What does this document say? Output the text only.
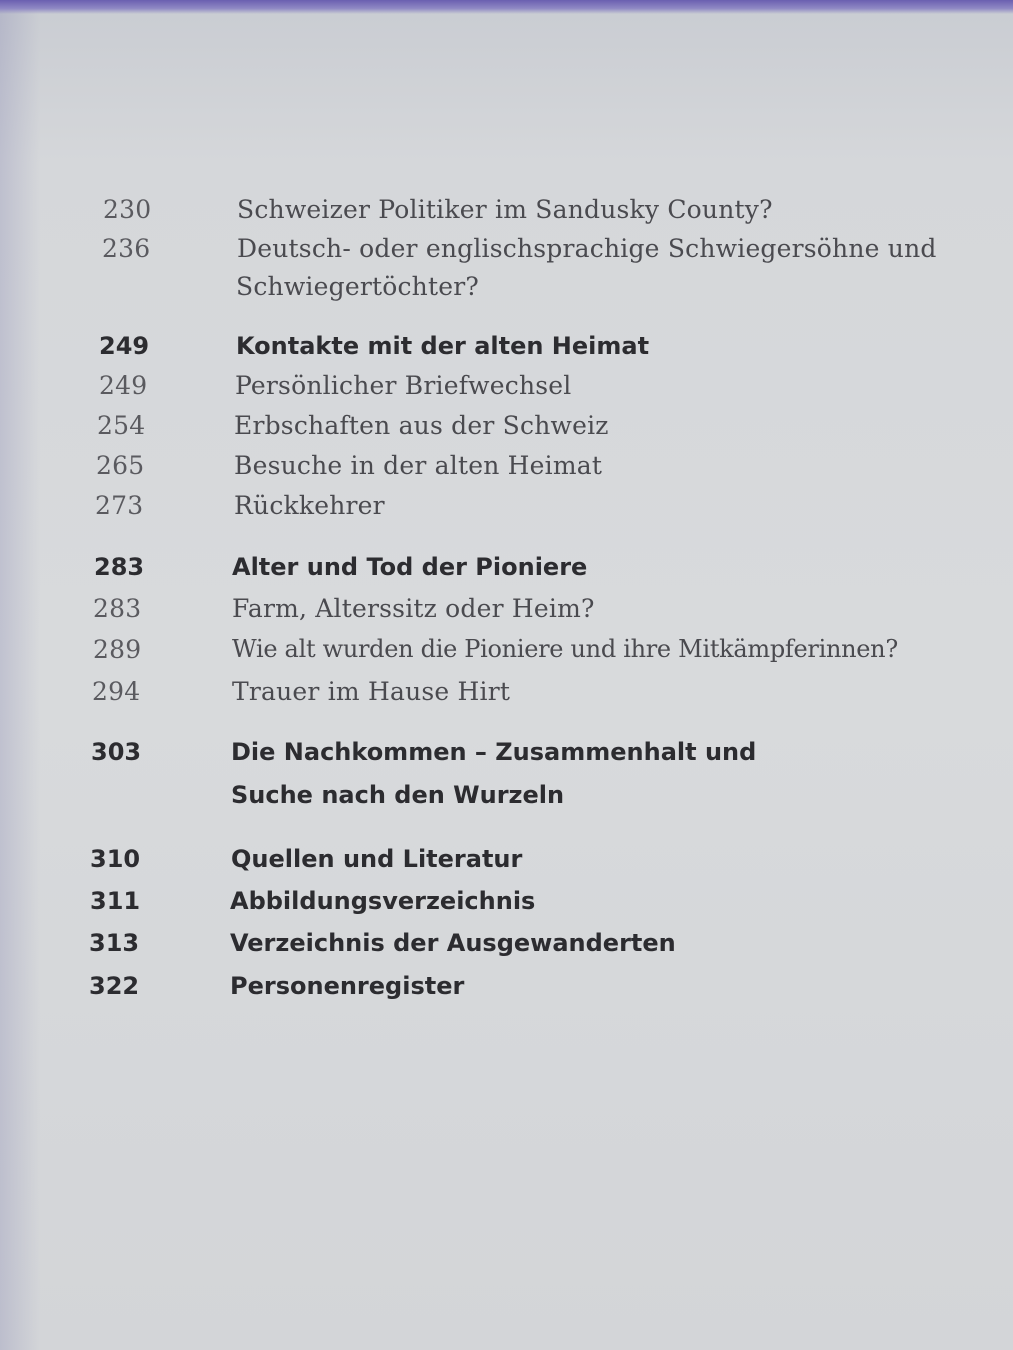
230	Schweizer Politiker im Sandusky County?
236	Deutsch- oder englischsprachige Schwiegersöhne und
Schwiegertöchter?
249	Kontakte mit der alten Heimat
249	Persönlicher Briefwechsel
254	Erbschaften aus der Schweiz
265	Besuche in der alten Heimat
273	Rückkehrer
283	Alter und Tod der Pioniere
283	Farm, Alterssitz oder Heim?
289	Wie alt wurden die Pioniere und ihre Mitkämpferinnen?
294	Trauer im Hause Hirt
303	Die Nachkommen – Zusammenhalt und
Suche nach den Wurzeln
310	Quellen und Literatur
311	Abbildungsverzeichnis
313	Verzeichnis der Ausgewanderten
322	Personenregister
